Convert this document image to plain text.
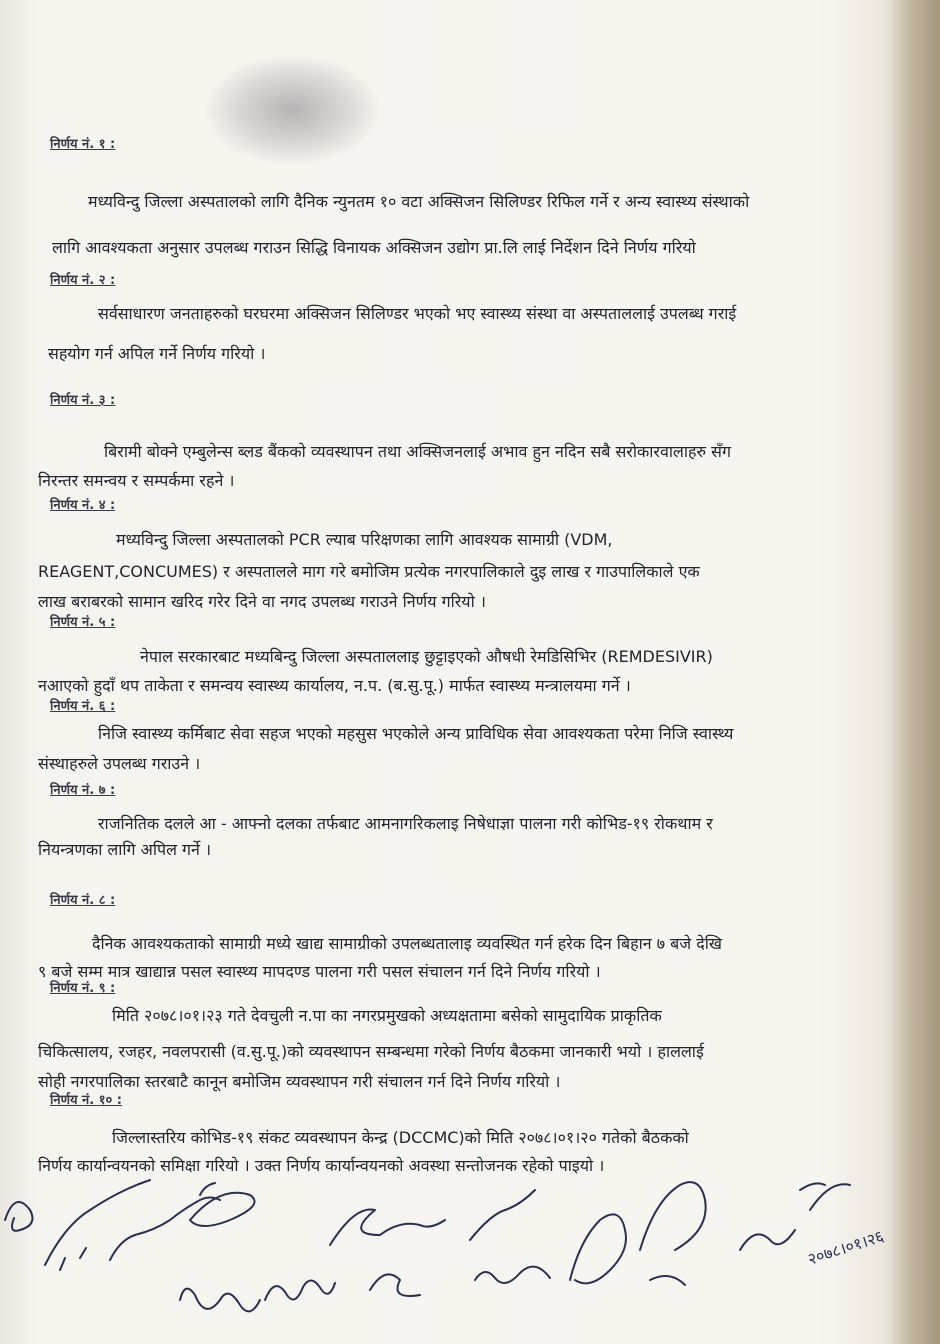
निर्णय नं. १ :
मध्यविन्दु जिल्ला अस्पतालको लागि दैनिक न्युनतम १० वटा अक्सिजन सिलिण्डर रिफिल गर्ने र अन्य स्वास्थ्य संस्थाको
लागि आवश्यकता अनुसार उपलब्ध गराउन सिद्धि विनायक अक्सिजन उद्योग प्रा.लि लाई निर्देशन दिने निर्णय गरियो
निर्णय नं. २ :
सर्वसाधारण जनताहरुको घरघरमा अक्सिजन सिलिण्डर भएको भए स्वास्थ्य संस्था वा अस्पताललाई उपलब्ध गराई
सहयोग गर्न अपिल गर्ने निर्णय गरियो ।
निर्णय नं. ३ :
बिरामी बोक्ने एम्बुलेन्स ब्लड बैंकको व्यवस्थापन तथा अक्सिजनलाई अभाव हुन नदिन सबै सरोकारवालाहरु सँग
निरन्तर समन्वय र सम्पर्कमा रहने ।
निर्णय नं. ४ :
मध्यविन्दु जिल्ला अस्पतालको PCR ल्याब परिक्षणका लागि आवश्यक सामाग्री (VDM,
REAGENT,CONCUMES) र अस्पतालले माग गरे बमोजिम प्रत्येक नगरपालिकाले दुइ लाख र गाउपालिकाले एक
लाख बराबरको सामान खरिद गरेर दिने वा नगद उपलब्ध गराउने निर्णय गरियो ।
निर्णय नं. ५ :
नेपाल सरकारबाट मध्यबिन्दु जिल्ला अस्पताललाइ छुट्टाइएको औषधी रेमडिसिभिर (REMDESIVIR)
नआएको हुदाँ थप ताकेता र समन्वय स्वास्थ्य कार्यालय, न.प. (ब.सु.पू.) मार्फत स्वास्थ्य मन्त्रालयमा गर्ने ।
निर्णय नं. ६ :
निजि स्वास्थ्य कर्मिबाट सेवा सहज भएको महसुस भएकोले अन्य प्राविधिक सेवा आवश्यकता परेमा निजि स्वास्थ्य
संस्थाहरुले उपलब्ध गराउने ।
निर्णय नं. ७ :
राजनितिक दलले आ - आफ्नो दलका तर्फबाट आमनागरिकलाइ निषेधाज्ञा पालना गरी कोभिड-१९ रोकथाम र
नियन्त्रणका लागि अपिल गर्ने ।
निर्णय नं. ८ :
दैनिक आवश्यकताको सामाग्री मध्ये खाद्य सामाग्रीको उपलब्धतालाइ व्यवस्थित गर्न हरेक दिन बिहान ७ बजे देखि
९ बजे सम्म मात्र खाद्यान्न पसल स्वास्थ्य मापदण्ड पालना गरी पसल संचालन गर्न दिने निर्णय गरियो ।
निर्णय नं. ९ :
मिति २०७८।०१।२३ गते देवचुली न.पा का नगरप्रमुखको अध्यक्षतामा बसेको सामुदायिक प्राकृतिक
चिकित्सालय, रजहर, नवलपरासी (व.सु.पू.)को व्यवस्थापन सम्बन्धमा गरेको निर्णय बैठकमा जानकारी भयो । हाललाई
सोही नगरपालिका स्तरबाटै कानून बमोजिम व्यवस्थापन गरी संचालन गर्न दिने निर्णय गरियो ।
निर्णय नं. १० :
जिल्लास्तरिय कोभिड-१९ संकट व्यवस्थापन केन्द्र (DCCMC)को मिति २०७८।०१।२० गतेको बैठकको
निर्णय कार्यान्वयनको समिक्षा गरियो । उक्त निर्णय कार्यान्वयनको अवस्था सन्तोजनक रहेको पाइयो ।
२०७८।०१।२६
